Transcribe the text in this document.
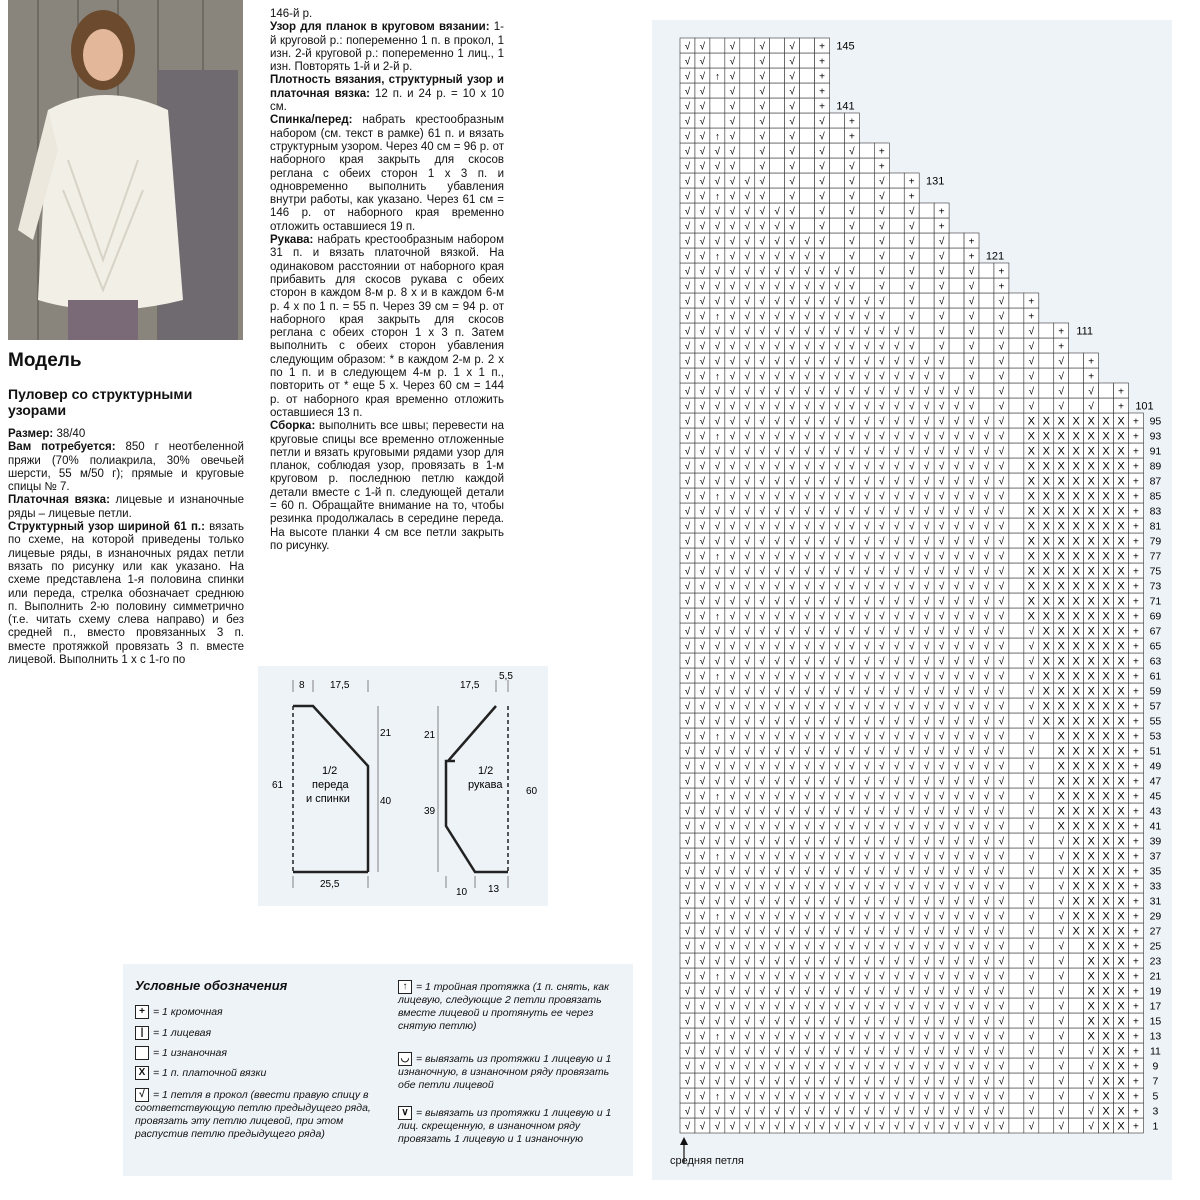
Модель
Пуловер со структурными узорами

Размер: 38/40

Вам потребуется: 850 г неотбеленной пряжи (70% полиакрила, 30% овечьей шерсти, 55 м/50 г); прямые и круговые спицы № 7.

Платочная вязка: лицевые и изнаночные ряды – лицевые петли.

Структурный узор шириной 61 п.: вязать по схеме, на которой приведены только лицевые ряды, в изнаночных рядах петли вязать по рисунку или как указано. На схеме представлена 1-я половина спинки или переда, стрелка обозначает среднюю п. Выполнить 2-ю половину симметрично (т.е. читать схему слева направо) и без средней п., вместо провязанных 3 п. вместе протяжкой провязать 3 п. вместе лицевой. Выполнить 1 х с 1-го по

146-й р.

Узор для планок в круговом вязании: 1-й круговой р.: попеременно 1 п. в прокол, 1 изн. 2-й круговой р.: попеременно 1 лиц., 1 изн. Повторять 1-й и 2-й р.

Плотность вязания, структурный узор и платочная вязка: 12 п. и 24 р. = 10 х 10 см.

Спинка/перед: набрать крестообразным набором (см. текст в рамке) 61 п. и вязать структурным узором. Через 40 см = 96 р. от наборного края закрыть для скосов реглана с обеих сторон 1 х 3 п. и одновременно выполнить убавления внутри работы, как указано. Через 61 см = 146 р. от наборного края временно отложить оставшиеся 19 п.

Рукава: набрать крестообразным набором 31 п. и вязать платочной вязкой. На одинаковом расстоянии от наборного края прибавить для скосов рукава с обеих сторон в каждом 8-м р. 8 х и в каждом 6-м р. 4 х по 1 п. = 55 п. Через 39 см = 94 р. от наборного края закрыть для скосов реглана с обеих сторон 1 х 3 п. Затем выполнить с обеих сторон убавления следующим образом: * в каждом 2-м р. 2 х по 1 п. и в следующем 4-м р. 1 х 1 п., повторить от * еще 5 х. Через 60 см = 144 р. от наборного края временно отложить оставшиеся 13 п.

Сборка: выполнить все швы; перевести на круговые спицы все временно отложенные петли и вязать круговыми рядами узор для планок, соблюдая узор, провязать в 1-м круговом р. последнюю петлю каждой детали вместе с 1-й п. следующей детали = 60 п. Обращайте внимание на то, чтобы резинка продолжалась в середине переда. На высоте планки 4 см все петли закрыть по рисунку.

8	17,5
21
61
40
25,5
1/2
переда
и спинки
17,5
5,5
21
39
60
10 13
1/2
рукава
Условные обозначения
+ = 1 кромочная
| = 1 лицевая
= 1 изнаночная
X = 1 п. платочной вязки
√ = 1 петля в прокол (ввести правую спицу в соответствующую петлю предыдущего ряда, провязать эту петлю лицевой, при этом распустив петлю предыдущего ряда)
↑ = 1 тройная протяжка (1 п. снять, как лицевую, следующие 2 петли провязать вместе лицевой и протянуть ее через снятую петлю)
◡ = вывязать из протяжки 1 лицевую и 1 изнаночную, в изнаночном ряду провязать обе петли лицевой
∨ = вывязать из протяжки 1 лицевую и 1 лиц. скрещенную, в изнаночном ряду провязать 1 лицевую и 1 изнаночную
√ √ √ √ √ √ √ √ √ √ √ √ √ √ √ √ √ √ √ √ √ √ √ √ √ X X + 1
√ √ √ √ √ √ √ √ √ √ √ √ √ √ √ √ √ √ √ √ √ √ √ √ √ X X + 3
√ √ ↑ √ √ √ √ √ √ √ √ √ √ √ √ √ √ √ √ √ √ √ √ √ √ X X + 5
√ √ √ √ √ √ √ √ √ √ √ √ √ √ √ √ √ √ √ √ √ √ √ √ √ X X + 7
√ √ √ √ √ √ √ √ √ √ √ √ √ √ √ √ √ √ √ √ √ √ √ √ √ X X + 9
√ √ √ √ √ √ √ √ √ √ √ √ √ √ √ √ √ √ √ √ √ √ √ √ √ X X + 11
√ √ ↑ √ √ √ √ √ √ √ √ √ √ √ √ √ √ √ √ √ √ √ √ √ X X X + 13
√ √ √ √ √ √ √ √ √ √ √ √ √ √ √ √ √ √ √ √ √ √ √ √ X X X + 15
√ √ √ √ √ √ √ √ √ √ √ √ √ √ √ √ √ √ √ √ √ √ √ √ X X X + 17
√ √ √ √ √ √ √ √ √ √ √ √ √ √ √ √ √ √ √ √ √ √ √ √ X X X + 19
√ √ ↑ √ √ √ √ √ √ √ √ √ √ √ √ √ √ √ √ √ √ √ √ √ X X X + 21
√ √ √ √ √ √ √ √ √ √ √ √ √ √ √ √ √ √ √ √ √ √ √ √ X X X + 23
√ √ √ √ √ √ √ √ √ √ √ √ √ √ √ √ √ √ √ √ √ √ √ √ X X X + 25
√ √ √ √ √ √ √ √ √ √ √ √ √ √ √ √ √ √ √ √ √ √ √ √ X X X X + 27
√ √ ↑ √ √ √ √ √ √ √ √ √ √ √ √ √ √ √ √ √ √ √ √ √ X X X X + 29
√ √ √ √ √ √ √ √ √ √ √ √ √ √ √ √ √ √ √ √ √ √ √ √ X X X X + 31
√ √ √ √ √ √ √ √ √ √ √ √ √ √ √ √ √ √ √ √ √ √ √ √ X X X X + 33
√ √ √ √ √ √ √ √ √ √ √ √ √ √ √ √ √ √ √ √ √ √ √ √ X X X X + 35
√ √ ↑ √ √ √ √ √ √ √ √ √ √ √ √ √ √ √ √ √ √ √ √ √ X X X X + 37
√ √ √ √ √ √ √ √ √ √ √ √ √ √ √ √ √ √ √ √ √ √ √ √ X X X X + 39
√ √ √ √ √ √ √ √ √ √ √ √ √ √ √ √ √ √ √ √ √ √ √ X X X X X + 41
√ √ √ √ √ √ √ √ √ √ √ √ √ √ √ √ √ √ √ √ √ √ √ X X X X X + 43
√ √ ↑ √ √ √ √ √ √ √ √ √ √ √ √ √ √ √ √ √ √ √ √ X X X X X + 45
√ √ √ √ √ √ √ √ √ √ √ √ √ √ √ √ √ √ √ √ √ √ √ X X X X X + 47
√ √ √ √ √ √ √ √ √ √ √ √ √ √ √ √ √ √ √ √ √ √ √ X X X X X + 49
√ √ √ √ √ √ √ √ √ √ √ √ √ √ √ √ √ √ √ √ √ √ √ X X X X X + 51
√ √ ↑ √ √ √ √ √ √ √ √ √ √ √ √ √ √ √ √ √ √ √ √ X X X X X + 53
√ √ √ √ √ √ √ √ √ √ √ √ √ √ √ √ √ √ √ √ √ √ √ X X X X X X + 55
√ √ √ √ √ √ √ √ √ √ √ √ √ √ √ √ √ √ √ √ √ √ √ X X X X X X + 57
√ √ √ √ √ √ √ √ √ √ √ √ √ √ √ √ √ √ √ √ √ √ √ X X X X X X + 59
√ √ ↑ √ √ √ √ √ √ √ √ √ √ √ √ √ √ √ √ √ √ √ √ X X X X X X + 61
√ √ √ √ √ √ √ √ √ √ √ √ √ √ √ √ √ √ √ √ √ √ √ X X X X X X + 63
√ √ √ √ √ √ √ √ √ √ √ √ √ √ √ √ √ √ √ √ √ √ √ X X X X X X + 65
√ √ √ √ √ √ √ √ √ √ √ √ √ √ √ √ √ √ √ √ √ √ √ X X X X X X + 67
√ √ ↑ √ √ √ √ √ √ √ √ √ √ √ √ √ √ √ √ √ √ √ X X X X X X X + 69
√ √ √ √ √ √ √ √ √ √ √ √ √ √ √ √ √ √ √ √ √ √ X X X X X X X + 71
√ √ √ √ √ √ √ √ √ √ √ √ √ √ √ √ √ √ √ √ √ √ X X X X X X X + 73
√ √ √ √ √ √ √ √ √ √ √ √ √ √ √ √ √ √ √ √ √ √ X X X X X X X + 75
√ √ ↑ √ √ √ √ √ √ √ √ √ √ √ √ √ √ √ √ √ √ √ X X X X X X X + 77
√ √ √ √ √ √ √ √ √ √ √ √ √ √ √ √ √ √ √ √ √ √ X X X X X X X + 79
√ √ √ √ √ √ √ √ √ √ √ √ √ √ √ √ √ √ √ √ √ √ X X X X X X X + 81
√ √ √ √ √ √ √ √ √ √ √ √ √ √ √ √ √ √ √ √ √ √ X X X X X X X + 83
√ √ ↑ √ √ √ √ √ √ √ √ √ √ √ √ √ √ √ √ √ √ √ X X X X X X X + 85
√ √ √ √ √ √ √ √ √ √ √ √ √ √ √ √ √ √ √ √ √ √ X X X X X X X + 87
√ √ √ √ √ √ √ √ √ √ √ √ √ √ √ √ √ √ √ √ √ √ X X X X X X X + 89
√ √ √ √ √ √ √ √ √ √ √ √ √ √ √ √ √ √ √ √ √ √ X X X X X X X + 91
√ √ ↑ √ √ √ √ √ √ √ √ √ √ √ √ √ √ √ √ √ √ √ X X X X X X X + 93
√ √ √ √ √ √ √ √ √ √ √ √ √ √ √ √ √ √ √ √ √ √ X X X X X X X + 95
√ √ √ √ √ √ √ √ √ √ √ √ √ √ √ √ √ √ √ √ √ √ √ √ +
√ √ √ √ √ √ √ √ √ √ √ √ √ √ √ √ √ √ √ √ √ √ √ √ +
√ √ ↑ √ √ √ √ √ √ √ √ √ √ √ √ √ √ √ √ √ √ √ +
√ √ √ √ √ √ √ √ √ √ √ √ √ √ √ √ √ √ √ √ √ √ +
√ √ √ √ √ √ √ √ √ √ √ √ √ √ √ √ √ √ √ √ +
√ √ √ √ √ √ √ √ √ √ √ √ √ √ √ √ √ √ √ √ +
√ √ ↑ √ √ √ √ √ √ √ √ √ √ √ √ √ √ √ +
√ √ √ √ √ √ √ √ √ √ √ √ √ √ √ √ √ √ +
√ √ √ √ √ √ √ √ √ √ √ √ √ √ √ √ +
√ √ √ √ √ √ √ √ √ √ √ √ √ √ √ √ +
√ √ ↑ √ √ √ √ √ √ √ √ √ √ √ +
√ √ √ √ √ √ √ √ √ √ √ √ √ √ +
√ √ √ √ √ √ √ √ √ √ √ √ +
√ √ √ √ √ √ √ √ √ √ √ √ +
√ √ ↑ √ √ √ √ √ √ √ +
√ √ √ √ √ √ √ √ √ √ +
√ √ √ √ √ √ √ √ +
√ √ √ √ √ √ √ √ +
√ √ ↑ √ √ √ √ +
√ √ √ √ √ √ +
√ √ √ √ √ +
√ √ √ √ √ +
√ √ ↑ √ √ √ +
√ √ √ √ √ +
√ √ √ √ √ + 145
141
131
121
111
101
средняя петля
